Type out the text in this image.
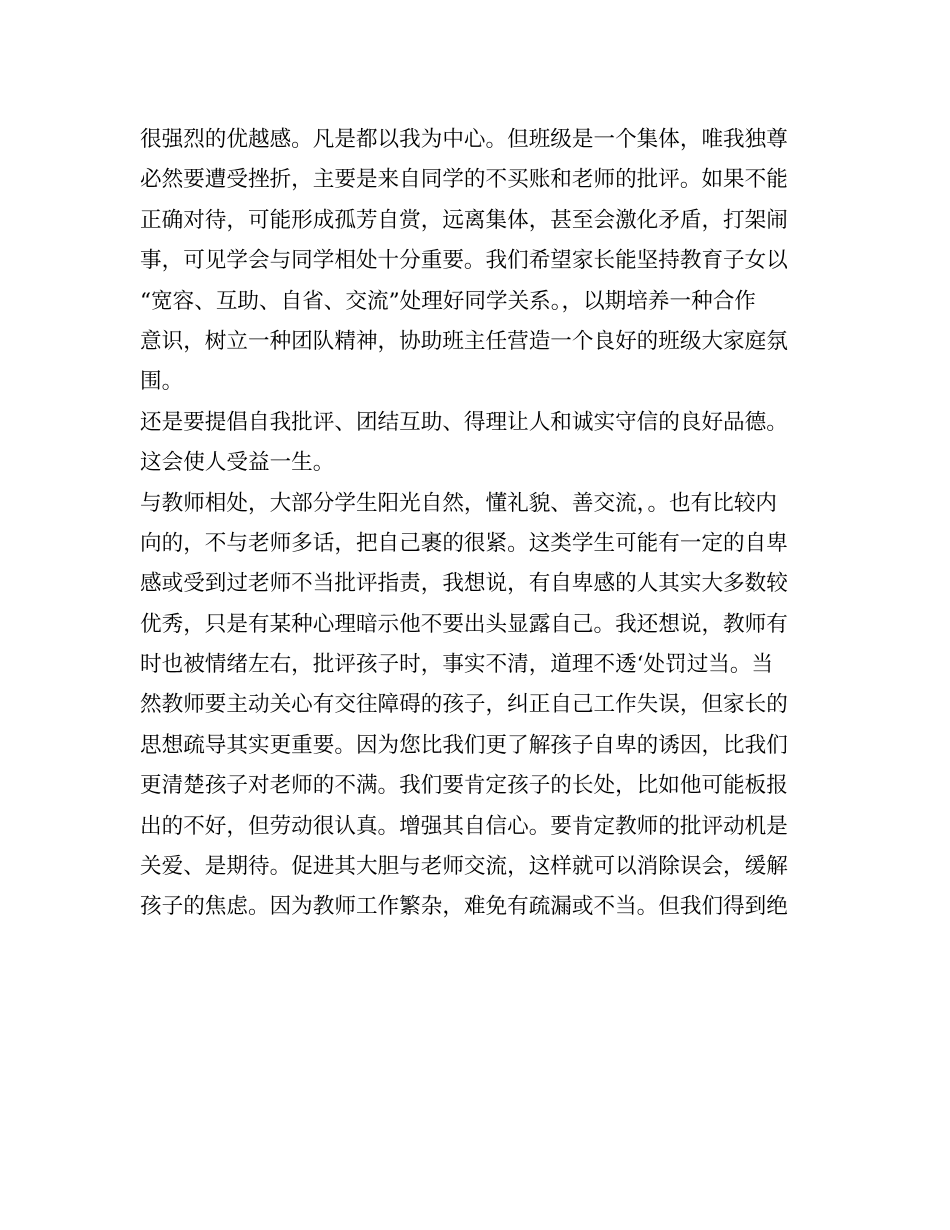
很强烈的优越感。凡是都以我为中心。但班级是一个集体，唯我独尊
必然要遭受挫折，主要是来自同学的不买账和老师的批评。如果不能
正确对待，可能形成孤芳自赏，远离集体，甚至会激化矛盾，打架闹
事，可见学会与同学相处十分重要。我们希望家长能坚持教育子女以
“宽容、互助、自省、交流”处理好同学关系。，以期培养一种合作
意识，树立一种团队精神，协助班主任营造一个良好的班级大家庭氛
围。
还是要提倡自我批评、团结互助、得理让人和诚实守信的良好品德。
这会使人受益一生。
与教师相处，大部分学生阳光自然，懂礼貌、善交流，。也有比较内
向的，不与老师多话，把自己裹的很紧。这类学生可能有一定的自卑
感或受到过老师不当批评指责，我想说，有自卑感的人其实大多数较
优秀，只是有某种心理暗示他不要出头显露自己。我还想说，教师有
时也被情绪左右，批评孩子时，事实不清，道理不透‘处罚过当。当
然教师要主动关心有交往障碍的孩子，纠正自己工作失误，但家长的
思想疏导其实更重要。因为您比我们更了解孩子自卑的诱因，比我们
更清楚孩子对老师的不满。我们要肯定孩子的长处，比如他可能板报
出的不好，但劳动很认真。增强其自信心。要肯定教师的批评动机是
关爱、是期待。促进其大胆与老师交流，这样就可以消除误会，缓解
孩子的焦虑。因为教师工作繁杂，难免有疏漏或不当。但我们得到绝
